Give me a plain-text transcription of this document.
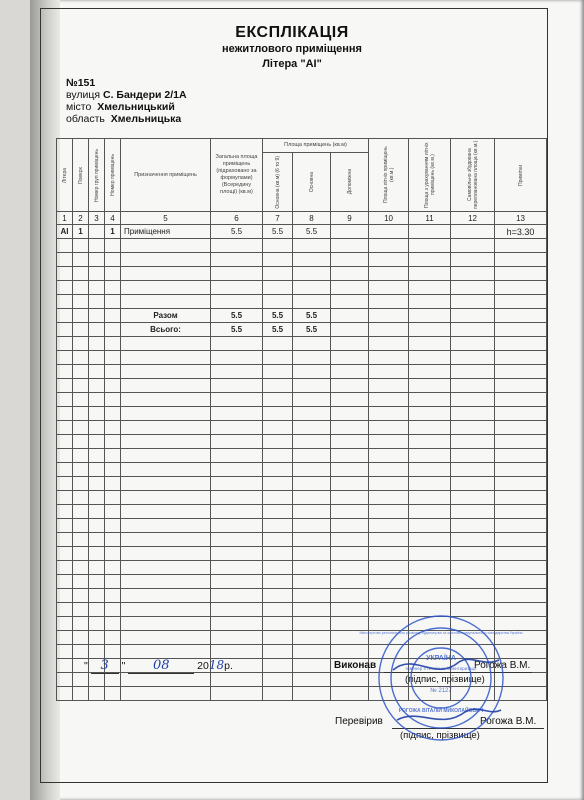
ЕКСПЛІКАЦІЯ
нежитлового приміщення
Літера "АІ"
№151
вулиця С. Бандери 2/1А
місто Хмельницький
область Хмельницька
Літера	Поверх	Номер груп приміщень	Номер приміщень	Призначення приміщень	Загальна площа приміщень (підраховано за формулами) (Всередину площі) (кв.м)	Площа приміщень (кв.м)			Площа літніх приміщень (кв.м.)	Площа з урахуванням літніх приміщень (кв.м.)	Самовільно збудована перепланована площа (кв.м.)	Примітки

						Основна (кв.м) (6 то 9)	Основна	Допоміжна				

1	2	3	4	5	6	7	8	9	10	11	12	13
АІ	1		1	Приміщення	5.5	5.5	5.5					h=3.30

				Разом	5.5	5.5	5.5					
				Всього:	5.5	5.5	5.5					

" 3 " 08	2018р.	Виконав	Рогожа В.М.
(підпис, прізвище)
Перевірив	Рогожа В.М.
(підпис, прізвище)
УКРАЇНА
Інженер з технічної інвентаризації
№ 2127
РОГОЖА ВІТАЛІЙ МИКОЛАЙОВИЧ
Міністерство регіонального розвитку будівництва та житлово-комунального господарства України
